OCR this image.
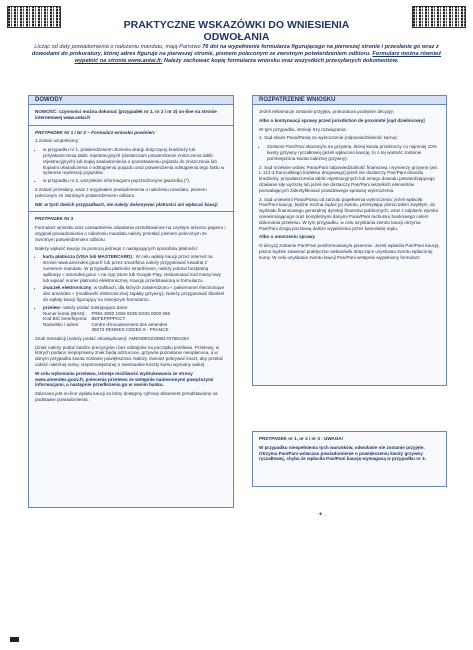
PRAKTYCZNE WSKAZÓWKI DO WNIESIENIA
ODWOŁANIA
Licząc od daty powiadomienia o nałożeniu mandatu, mają Państwo 76 dni na wypełnienie formularza figurującego na pierwszej stronie i przesłanie go wraz z dowodami do prokuratury, której adres figuruje na pierwszej stronie, pismem poleconym ze zwrotnym potwierdzeniem odbioru. Formularz można również wypełnić na stronie www.antai.fr. Należy zachować kopię formularza wniosku oraz wszystkich przesyłanych dokumentów.
DOWODY

NOWOŚĆ: czynności można dokonać (przypadek nr 1, nr 2 i nr 3) on-line na stronie internetowej www.antai.fr

PRZYPADEK Nr 1 i Nr 2 – Formularz wniosku powinien:

1.zostać uzupełniony:

• w przypadku nr 1, potwierdzeniem złożenia skargi dotyczącej kradzieży lub przywłaszczenia tablic rejestracyjnych (dostarczam potwierdzenie zniszczenia tablic rejestracyjnych) lub kopią zawiadomienia o pozostawieniu pojazdu do zniszczenia lub kopiami oświadczenia o odstąpieniu pojazdu oraz potwierdzenia odstąpienia tego faktu w systemie rejestracji pojazdów
• w przypadku nr 2, wszystkimi informacjami poprzedzonymi gwiazdką (*),

2.zostać przesłany, wraz z oryginałem powiadomienia o nałożeniu mandatu, pismem poleconym ze zwrotnym potwierdzeniem odbioru.

NB: w tych dwóch przypadkach, nie należy dokonywać płatności ani wpłacać kaucji

PRZYPADEK Nr 3

Formularz wniosku oraz uzasadnienie odwołania przedstawione na czystym arkuszu papieru i oryginał powiadomienia o nałożeniu mandatu należy przesłać pismem poleconym ze zwrotnym potwierdzeniem odbioru.

Należy wpłacić kaucję za pomocą jednego z następujących sposobów płatności:

• karta płatnicza (VISA lub MASTERCARD) : W celu wpłaty kaucji przez internet na stronie www.amendes.gouv.fr lub przez smartfona należy przygotować kwadrat z numerem mandatu. W przypadku płatności smartfonem, należy pobrać bezpłatną aplikację « amendes.gouv » na App Store lub Google Play, zeskanować kod matrycowy lub wpisać numer płatności elektronicznej. Kaucję przedstawioną w formularzu.
• znaczek elektroniczny: w trafikach, dla których zatwierdzono « pakiemonet électronique des amendes » (modliwość elektronicznej zapłaty grzywny). Należy przygotować blankiet do wpłaty kaucji figurujący na niniejszym formularzu.
• przelew: należy podać następujące dane:
Numer konta (IBAN):	FR84 3000 1006 8235 5G00 0000 066
Kod BIC beneficjenta:	BDFEFRPPCCT
Nazwisko / adres:	Centre d'encaissement des amendes
	35073 RENNES CEDEX 9 - FRANCE

Znak transakcji (należy podać obowiązkowo): AMENDE0233981767681264

(Znak należy podać bardzo precyzyjnie i bez odstępów na początku przelewu. Przelewy, w których podano niepoprawny znak będą odrzucone, grzywna pozostanie nieopłacona, a w danym przypadku kwota zostanie powiększona. Należy również pokrywać koszt, aby przelać całość należnej sumy, niepomniejszonej o ewentualne koszty kursu wymiany walut)

W celu wykonania przelewu, istnieje możliwość wydrukowania ze strony www.amendes.gouv.fr, polecenia przelewu ze wstępnie naniesionymi powyższymi informacjami, a następnie przedłożenia go w swoim banku.

Zalecana jest on-line wpłata kaucji za który dostępny cyfrowy dokument przedstawiony na podstawie powiadomienia.

ROZPATRZENIE WNIOSKU

Jeżeli reklamacje zostanie przyjęta, prokuratura podejmie decyzję:

Albo o kontynuacji sprawy przed jurisdiction de proximité [sąd dzielnicowy]

W tym przypadku, istnieje trzy rozwiązania:

1. Sąd skaże Pana/Panią za wykroczenie (odpowiedzialność karna):

• Zostanie Pan/Pani skazany/a na grzywnę, której kwota przekroczy co najmniej 10% kwoty grzywny ryczałtowej (jeżeli wpłacono kaucję, to o tej wartość zostanie pomniejszona kwota należnej grzywny).

2. Sąd orzeknie wobec Pana/Pani odpowiedzialność finansową i wymierzy grzywnę (art. L.121-3 francuskiego kodeksu drogowego) jeżeli nie dostarczy Pan/Pani dowodu kradzieży, przywłaszczenia tablic rejestracyjnych lub innego dowodu potwierdzającego działanie siły wyższej lub jeżeli nie dostarczy Pan/Pani wszelkich elementów pozwalających zidentyfikować prawdziwego sprawcę wykroczenia.

3. Sąd uniewinni Pana/Panią od zarzutu popełnienia wykroczenia: jeżeli wpłaciła Pan/Pani kaucję, będzie można żądać jej zwrotu, przesyłając pismo takim zwykłym, do wydziału finansowego generalnej dyrekcji finansów publicznych, wraz z odpisem wyroku uniewinniającego oraz kompletnymi danymi Pana/Pani rachunku bankowego celem dokonania przelewu. W tym przypadku, w celu uzyskania zwrotu kaucji otrzyma Pan/Pani drogą pocztową dalsze wyjaśnienia przez kancelarię sądu.

Albo o umorzeniu sprawy

O decyzji zostanie Pan/Pani poinformowany/a pisemnie. Jeżeli wpłaciła Pan/Pani kaucję, pismo będzie zawierać praktyczne wskazówki dotyczące uzyskania zwrotu wpłaconej sumy. W celu uzyskania zwrotu kaucji Pan/Pani wstępnie wypełniony formularz.

PRZYPADEK nr 1, nr 2 i nr 3 : UWAGA!

W przypadku niespełnienia tych warunków, odwołanie nie zostanie przyjęte. Otrzyma Pan/Pani wówczas powiadomienie o powiększeniu kwoty grzywny ryczałtowej, chyba że wpłaciła Pan/Pani kaucję wymaganą w przypadku nr 3.

✦ .
